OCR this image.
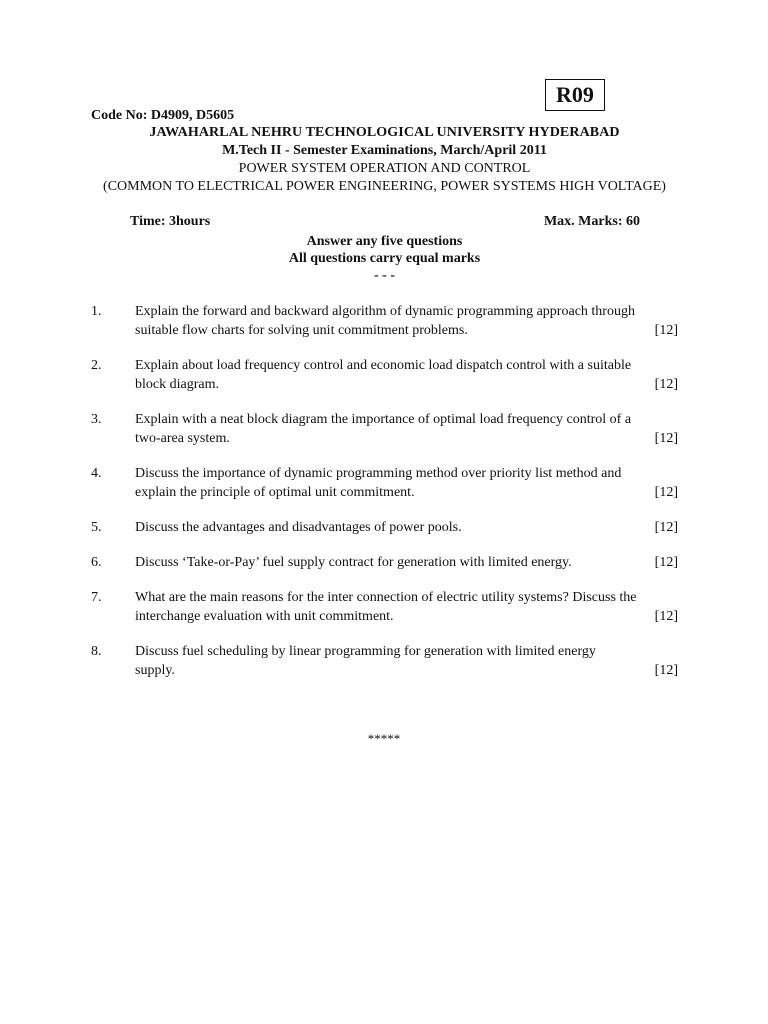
R09
Code No: D4909, D5605
JAWAHARLAL NEHRU TECHNOLOGICAL UNIVERSITY HYDERABAD
M.Tech II - Semester Examinations, March/April 2011
POWER SYSTEM OPERATION AND CONTROL
(COMMON TO ELECTRICAL POWER ENGINEERING, POWER SYSTEMS HIGH VOLTAGE)
Time: 3hours	Max. Marks: 60
Answer any five questions
All questions carry equal marks
- - -
1.	Explain the forward and backward algorithm of dynamic programming approach through
suitable flow charts for solving unit commitment problems.	[12]
2.	Explain about load frequency control and economic load dispatch control with a suitable
block diagram.	[12]
3.	Explain with a neat block diagram the importance of optimal load frequency control of a
two-area system.	[12]
4.	Discuss the importance of dynamic programming method over priority list method and
explain the principle of optimal unit commitment.	[12]
5.	Discuss the advantages and disadvantages of power pools.	[12]
6.	Discuss ‘Take-or-Pay’ fuel supply contract for generation with limited energy.	[12]
7.	What are the main reasons for the inter connection of electric utility systems? Discuss the
interchange evaluation with unit commitment.	[12]
8.	Discuss fuel scheduling by linear programming for generation with limited energy
supply.	[12]
*****
